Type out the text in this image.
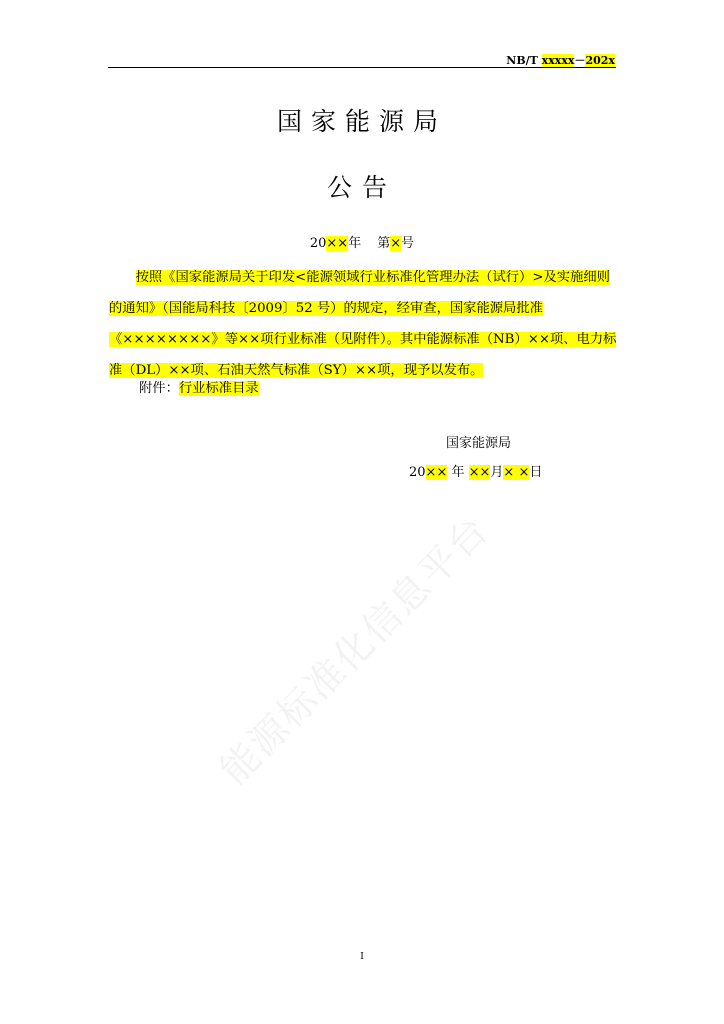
NB/T xxxxx－202x
国家能源局
公告
20××年 第×号

按照《国家能源局关于印发<能源领域行业标准化管理办法（试行）>及实施细则的通知》（国能局科技〔2009〕52 号）的规定，经审查，国家能源局批准《××××××××》等××项行业标准（见附件）。其中能源标准（NB）××项、电力标准（DL）××项、石油天然气标准（SY）××项，现予以发布。

附件：行业标准目录
国家能源局
20×× 年 ××月× ×日
能源标准化信息平台
I
